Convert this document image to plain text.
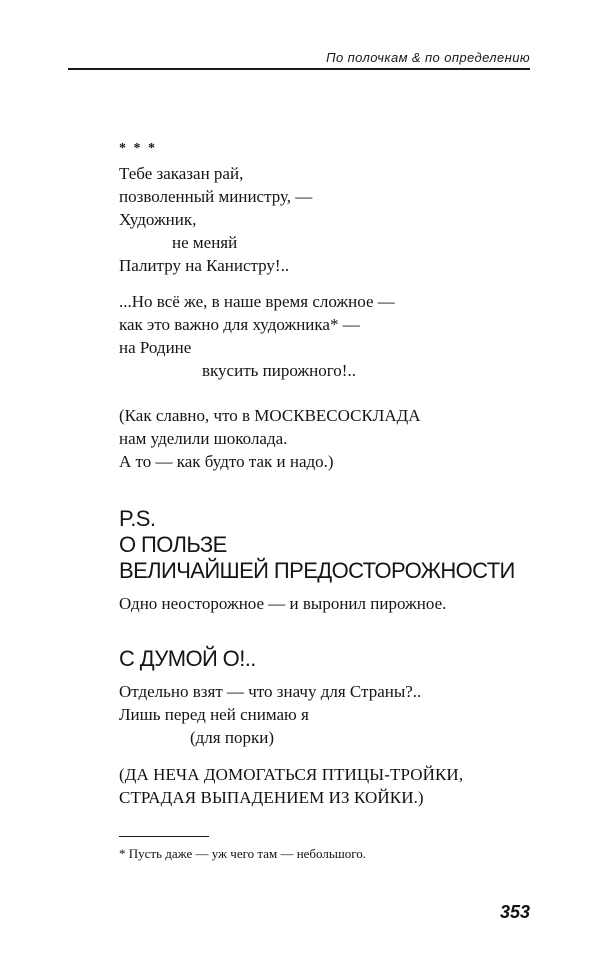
По полочкам & по определению
* * *
Тебе заказан рай,
позволенный министру, —
Художник,
не меняй
Палитру на Канистру!..
...Но всё же, в наше время сложное —
как это важно для художника* —
на Родине
вкусить пирожного!..
(Как славно, что в МОСКВЕСОСКЛАДА
нам уделили шоколада.
А то — как будто так и надо.)
P.S.
О ПОЛЬЗЕ
ВЕЛИЧАЙШЕЙ ПРЕДОСТОРОЖНОСТИ
Одно неосторожное — и выронил пирожное.
С ДУМОЙ О!..
Отдельно взят — что значу для Страны?..
Лишь перед ней снимаю я
(для порки)
(ДА НЕЧА ДОМОГАТЬСЯ ПТИЦЫ-ТРОЙКИ,
СТРАДАЯ ВЫПАДЕНИЕМ ИЗ КОЙКИ.)
* Пусть даже — уж чего там — небольшого.
353
